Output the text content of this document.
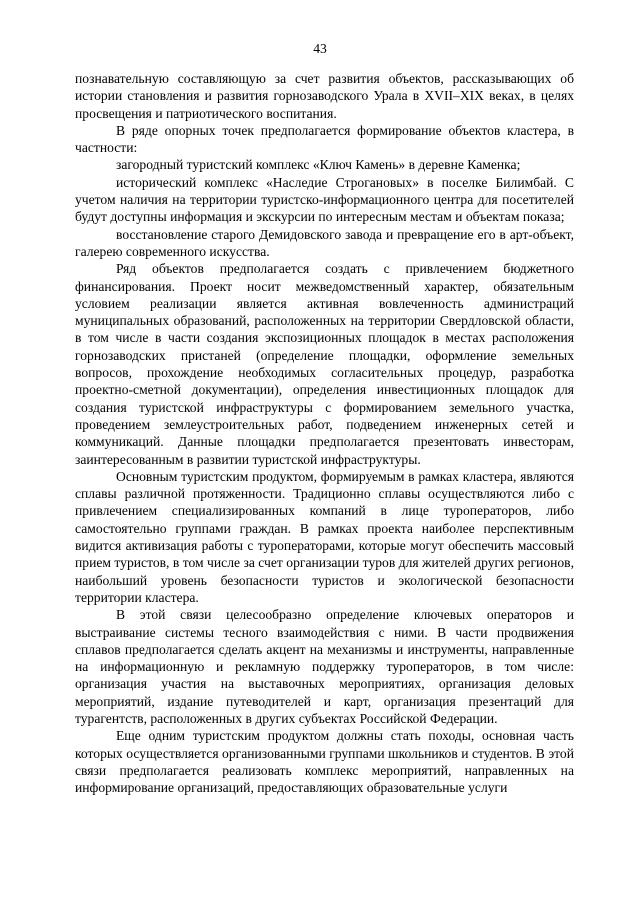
43

познавательную составляющую за счет развития объектов, рассказывающих об истории становления и развития горнозаводского Урала в XVII–XIX веках, в целях просвещения и патриотического воспитания.

В ряде опорных точек предполагается формирование объектов кластера, в частности:

загородный туристский комплекс «Ключ Камень» в деревне Каменка;

исторический комплекс «Наследие Строгановых» в поселке Билимбай. С учетом наличия на территории туристско-информационного центра для посетителей будут доступны информация и экскурсии по интересным местам и объектам показа;

восстановление старого Демидовского завода и превращение его в арт-объект, галерею современного искусства.

Ряд объектов предполагается создать с привлечением бюджетного финансирования. Проект носит межведомственный характер, обязательным условием реализации является активная вовлеченность администраций муниципальных образований, расположенных на территории Свердловской области, в том числе в части создания экспозиционных площадок в местах расположения горнозаводских пристаней (определение площадки, оформление земельных вопросов, прохождение необходимых согласительных процедур, разработка проектно-сметной документации), определения инвестиционных площадок для создания туристской инфраструктуры с формированием земельного участка, проведением землеустроительных работ, подведением инженерных сетей и коммуникаций. Данные площадки предполагается презентовать инвесторам, заинтересованным в развитии туристской инфраструктуры.

Основным туристским продуктом, формируемым в рамках кластера, являются сплавы различной протяженности. Традиционно сплавы осуществляются либо с привлечением специализированных компаний в лице туроператоров, либо самостоятельно группами граждан. В рамках проекта наиболее перспективным видится активизация работы с туроператорами, которые могут обеспечить массовый прием туристов, в том числе за счет организации туров для жителей других регионов, наибольший уровень безопасности туристов и экологической безопасности территории кластера.

В этой связи целесообразно определение ключевых операторов и выстраивание системы тесного взаимодействия с ними. В части продвижения сплавов предполагается сделать акцент на механизмы и инструменты, направленные на информационную и рекламную поддержку туроператоров, в том числе: организация участия на выставочных мероприятиях, организация деловых мероприятий, издание путеводителей и карт, организация презентаций для турагентств, расположенных в других субъектах Российской Федерации.

Еще одним туристским продуктом должны стать походы, основная часть которых осуществляется организованными группами школьников и студентов. В этой связи предполагается реализовать комплекс мероприятий, направленных на информирование организаций, предоставляющих образовательные услуги
